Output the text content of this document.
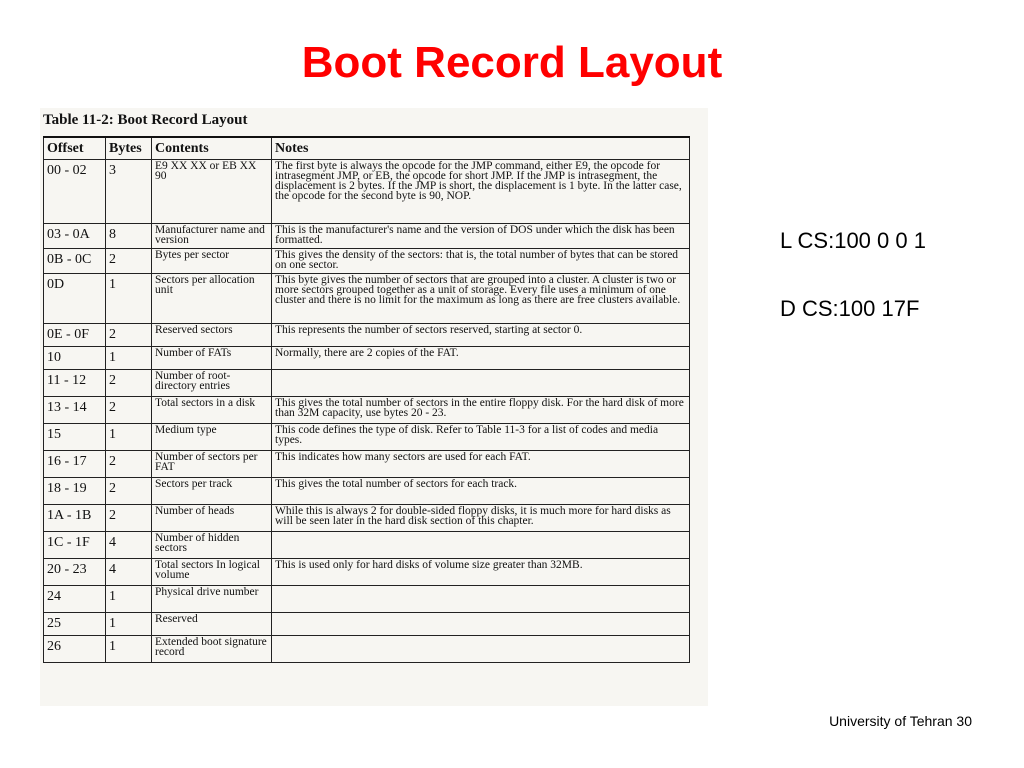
Boot Record Layout

Table 11-2: Boot Record Layout

Offset	Bytes	Contents	Notes
00 - 02	3	E9 XX XX or EB XX 90	The first byte is always the opcode for the JMP command, either E9, the opcode for intrasegment JMP, or EB, the opcode for short JMP. If the JMP is intrasegment, the displacement is 2 bytes. If the JMP is short, the displacement is 1 byte. In the latter case, the opcode for the second byte is 90, NOP.
03 - 0A	8	Manufacturer name and version	This is the manufacturer's name and the version of DOS under which the disk has been formatted.
0B - 0C	2	Bytes per sector	This gives the density of the sectors: that is, the total number of bytes that can be stored on one sector.
0D	1	Sectors per allocation unit	This byte gives the number of sectors that are grouped into a cluster. A cluster is two or more sectors grouped together as a unit of storage. Every file uses a minimum of one cluster and there is no limit for the maximum as long as there are free clusters available.
0E - 0F	2	Reserved sectors	This represents the number of sectors reserved, starting at sector 0.
10	1	Number of FATs	Normally, there are 2 copies of the FAT.
11 - 12	2	Number of root-directory entries	
13 - 14	2	Total sectors in a disk	This gives the total number of sectors in the entire floppy disk. For the hard disk of more than 32M capacity, use bytes 20 - 23.
15	1	Medium type	This code defines the type of disk. Refer to Table 11-3 for a list of codes and media types.
16 - 17	2	Number of sectors per FAT	This indicates how many sectors are used for each FAT.
18 - 19	2	Sectors per track	This gives the total number of sectors for each track.
1A - 1B	2	Number of heads	While this is always 2 for double-sided floppy disks, it is much more for hard disks as will be seen later in the hard disk section of this chapter.
1C - 1F	4	Number of hidden sectors	
20 - 23	4	Total sectors In logical volume	This is used only for hard disks of volume size greater than 32MB.
24	1	Physical drive number	
25	1	Reserved	
26	1	Extended boot signature record	
L CS:100 0 0 1
D CS:100 17F
University of Tehran 30
